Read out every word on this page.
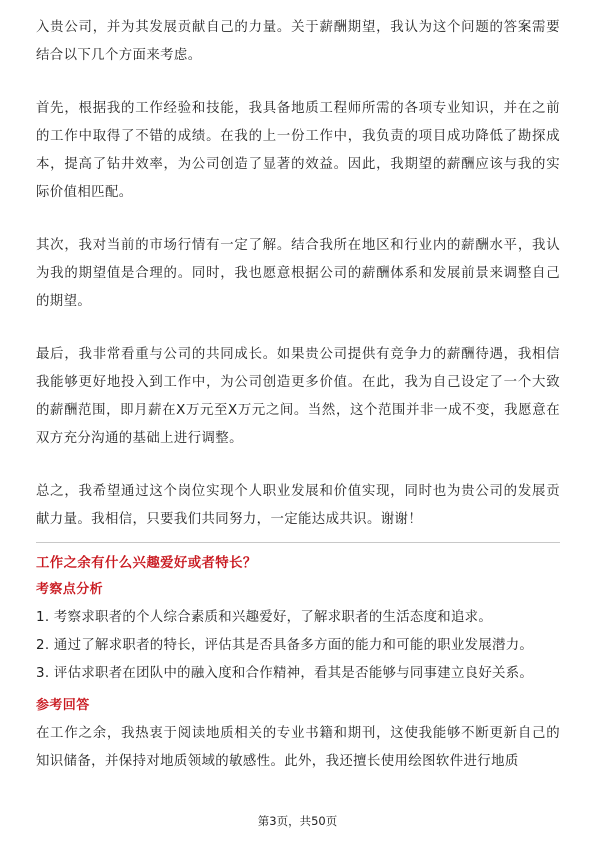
入贵公司，并为其发展贡献自己的力量。关于薪酬期望，我认为这个问题的答案需要结合以下几个方面来考虑。

首先，根据我的工作经验和技能，我具备地质工程师所需的各项专业知识，并在之前的工作中取得了不错的成绩。在我的上一份工作中，我负责的项目成功降低了勘探成本，提高了钻井效率，为公司创造了显著的效益。因此，我期望的薪酬应该与我的实际价值相匹配。

其次，我对当前的市场行情有一定了解。结合我所在地区和行业内的薪酬水平，我认为我的期望值是合理的。同时，我也愿意根据公司的薪酬体系和发展前景来调整自己的期望。

最后，我非常看重与公司的共同成长。如果贵公司提供有竞争力的薪酬待遇，我相信我能够更好地投入到工作中，为公司创造更多价值。在此，我为自己设定了一个大致的薪酬范围，即月薪在X万元至X万元之间。当然，这个范围并非一成不变，我愿意在双方充分沟通的基础上进行调整。

总之，我希望通过这个岗位实现个人职业发展和价值实现，同时也为贵公司的发展贡献力量。我相信，只要我们共同努力，一定能达成共识。谢谢！

工作之余有什么兴趣爱好或者特长？
考察点分析
1. 考察求职者的个人综合素质和兴趣爱好，了解求职者的生活态度和追求。
2. 通过了解求职者的特长，评估其是否具备多方面的能力和可能的职业发展潜力。
3. 评估求职者在团队中的融入度和合作精神，看其是否能够与同事建立良好关系。
参考回答

在工作之余，我热衷于阅读地质相关的专业书籍和期刊，这使我能够不断更新自己的知识储备，并保持对地质领域的敏感性。此外，我还擅长使用绘图软件进行地质

第3页，共50页
